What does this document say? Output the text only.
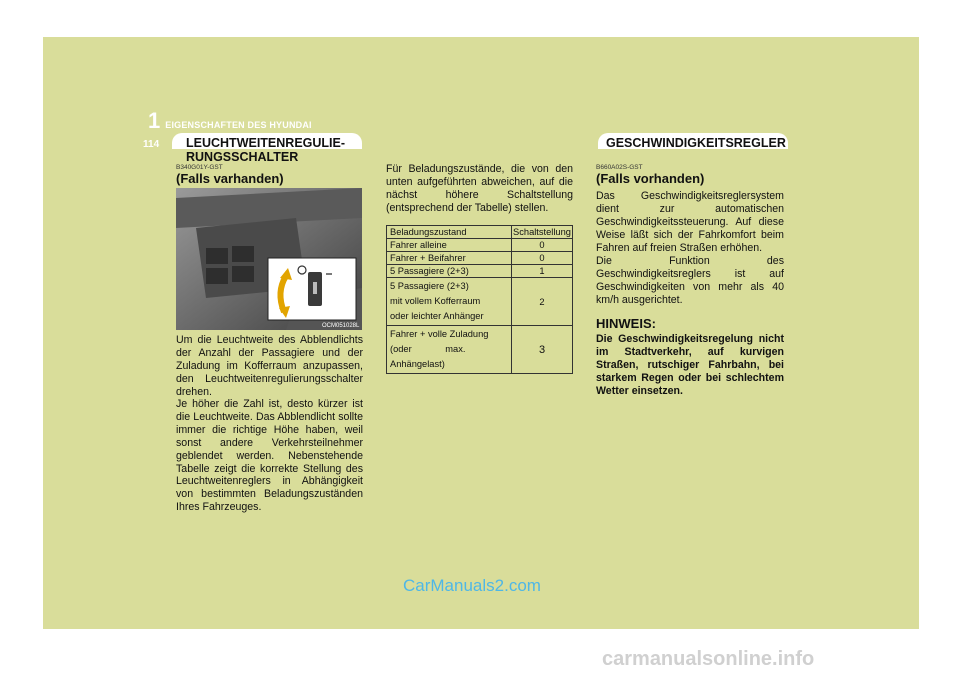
1 EIGENSCHAFTEN DES HYUNDAI
114 LEUCHTWEITENREGULIE-
RUNGSSCHALTER
B340G01Y-GST
(Falls varhanden)
OCM051028L
Um die Leuchtweite des Abblendlichts der Anzahl der Passagiere und der Zuladung im Kofferraum anzupassen, den Leuchtweitenregulierungsschalter drehen.
Je höher die Zahl ist, desto kürzer ist die Leuchtweite. Das Abblendlicht sollte immer die richtige Höhe haben, weil sonst andere Verkehrsteilnehmer geblendet werden. Nebenstehende Tabelle zeigt die korrekte Stellung des Leuchtweitenreglers in Abhängigkeit von bestimmten Beladungszuständen Ihres Fahrzeuges.
Für Beladungszustände, die von den unten aufgeführten abweichen, auf die nächst höhere Schaltstellung (entsprechend der Tabelle) stellen.
Beladungszustand	Schaltstellung
Fahrer alleine	0
Fahrer + Beifahrer	0
5 Passagiere (2+3)	1

5 Passagiere (2+3)
mit vollem Kofferraum
oder leichter Anhänger	2

Fahrer + volle Zuladung
(oder             max.
Anhängelast)	3
GESCHWINDIGKEITSREGLER
B660A02S-GST
(Falls vorhanden)
Das Geschwindigkeitsreglersystem dient zur automatischen Geschwindigkeitssteuerung. Auf diese Weise läßt sich der Fahrkomfort beim Fahren auf freien Straßen erhöhen.
Die Funktion des Geschwindigkeitsreglers ist auf Geschwindigkeiten von mehr als 40 km/h ausgerichtet.
HINWEIS:
Die Geschwindigkeitsregelung nicht im Stadtverkehr, auf kurvigen Straßen, rutschiger Fahrbahn, bei starkem Regen oder bei schlechtem Wetter einsetzen.
CarManuals2.com
carmanualsonline.info
